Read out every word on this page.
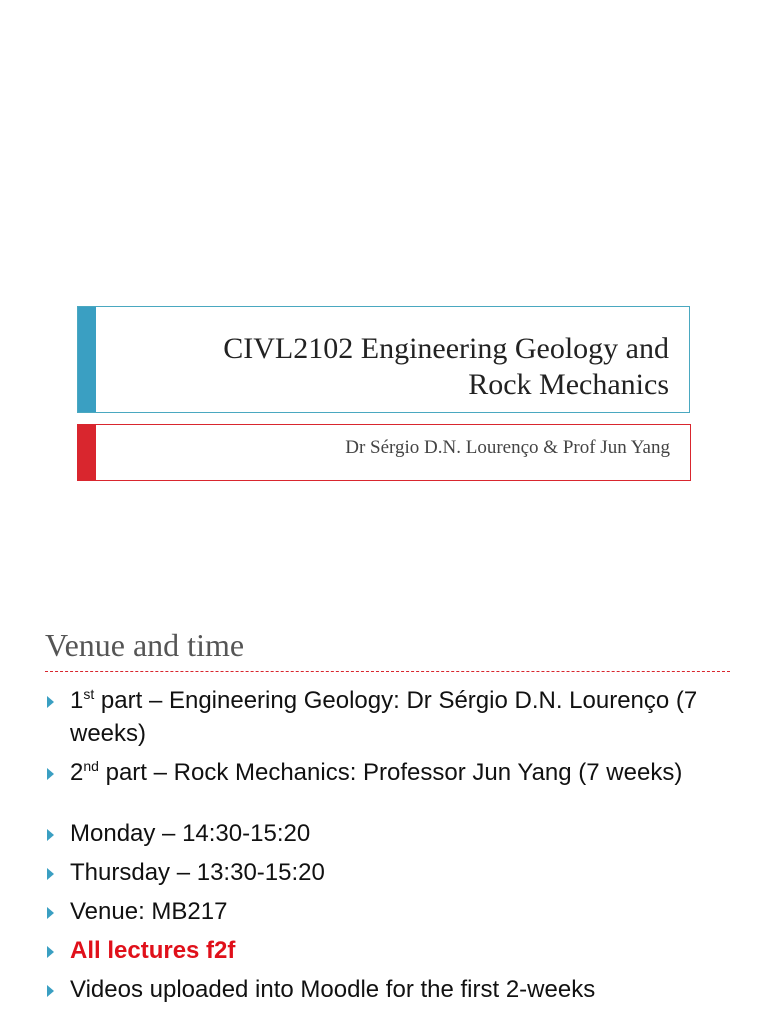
CIVL2102 Engineering Geology and
Rock Mechanics
Dr Sérgio D.N. Lourenço & Prof Jun Yang
Venue and time
1st part – Engineering Geology: Dr Sérgio D.N. Lourenço (7 weeks)
2nd part – Rock Mechanics: Professor Jun Yang (7 weeks)
Monday – 14:30-15:20
Thursday – 13:30-15:20
Venue: MB217
All lectures f2f
Videos uploaded into Moodle for the first 2-weeks
